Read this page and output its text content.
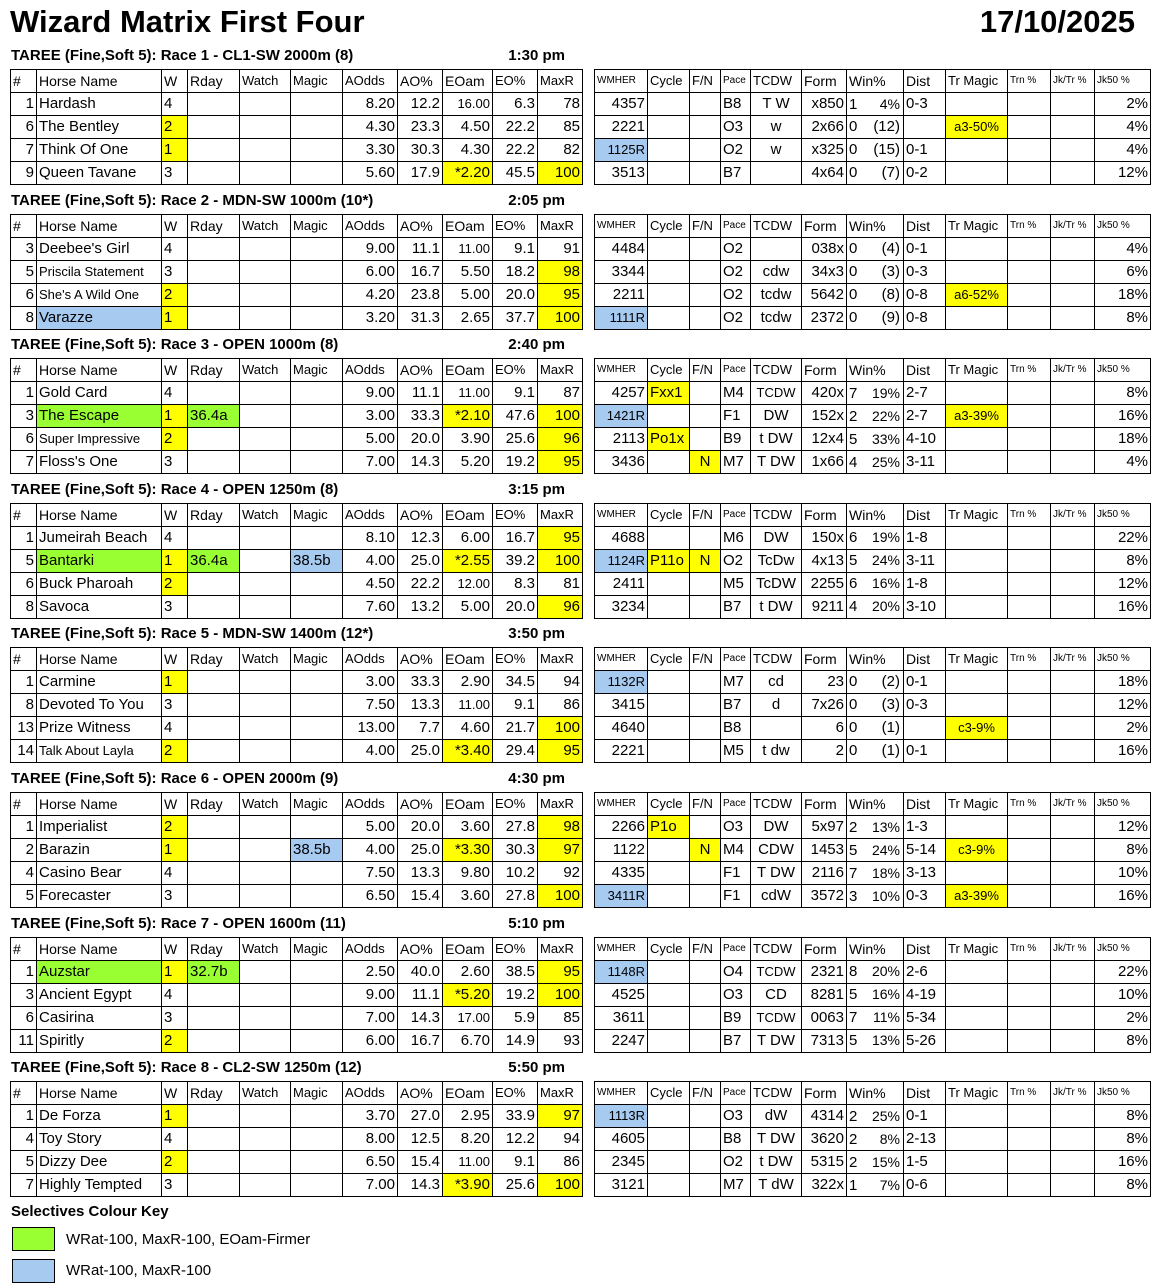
Wizard Matrix First Four	17/10/2025
TAREE (Fine,Soft 5): Race 1 - CL1-SW 2000m (8)	1:30 pm
#	Horse Name	W	Rday	Watch	Magic	AOdds	AO%	EOam	EO%	MaxR
1	Hardash	4				8.20	12.2	16.00	6.3	78
6	The Bentley	2				4.30	23.3	4.50	22.2	85
7	Think Of One	1				3.30	30.3	4.30	22.2	82
9	Queen Tavane	3				5.60	17.9	*2.20	45.5	100
WMHER	Cycle	F/N	Pace	TCDW	Form	Win%	Dist	Tr Magic	Trn %	Jk/Tr %	Jk50 %
4357			B8	T W	x850	1 4%	0-3				2%
2221			O3	w	2x66	0 (12)		a3-50%			4%
1125R			O2	w	x325	0 (15)	0-1				4%
3513			B7		4x64	0 (7)	0-2				12%
TAREE (Fine,Soft 5): Race 2 - MDN-SW 1000m (10*)	2:05 pm
#	Horse Name	W	Rday	Watch	Magic	AOdds	AO%	EOam	EO%	MaxR
3	Deebee's Girl	4				9.00	11.1	11.00	9.1	91
5	Priscila Statement	3				6.00	16.7	5.50	18.2	98
6	She's A Wild One	2				4.20	23.8	5.00	20.0	95
8	Varazze	1				3.20	31.3	2.65	37.7	100
WMHER	Cycle	F/N	Pace	TCDW	Form	Win%	Dist	Tr Magic	Trn %	Jk/Tr %	Jk50 %
4484			O2		038x	0 (4)	0-1				4%
3344			O2	cdw	34x3	0 (3)	0-3				6%
2211			O2	tcdw	5642	0 (8)	0-8	a6-52%			18%
1111R			O2	tcdw	2372	0 (9)	0-8				8%
TAREE (Fine,Soft 5): Race 3 - OPEN 1000m (8)	2:40 pm
#	Horse Name	W	Rday	Watch	Magic	AOdds	AO%	EOam	EO%	MaxR
1	Gold Card	4				9.00	11.1	11.00	9.1	87
3	The Escape	1	36.4a			3.00	33.3	*2.10	47.6	100
6	Super Impressive	2				5.00	20.0	3.90	25.6	96
7	Floss's One	3				7.00	14.3	5.20	19.2	95
WMHER	Cycle	F/N	Pace	TCDW	Form	Win%	Dist	Tr Magic	Trn %	Jk/Tr %	Jk50 %
4257	Fxx1		M4	TCDW	420x	7 19%	2-7				8%
1421R			F1	DW	152x	2 22%	2-7	a3-39%			16%
2113	Po1x		B9	t DW	12x4	5 33%	4-10				18%
3436		N	M7	T DW	1x66	4 25%	3-11				4%
TAREE (Fine,Soft 5): Race 4 - OPEN 1250m (8)	3:15 pm
#	Horse Name	W	Rday	Watch	Magic	AOdds	AO%	EOam	EO%	MaxR
1	Jumeirah Beach	4				8.10	12.3	6.00	16.7	95
5	Bantarki	1	36.4a		38.5b	4.00	25.0	*2.55	39.2	100
6	Buck Pharoah	2				4.50	22.2	12.00	8.3	81
8	Savoca	3				7.60	13.2	5.00	20.0	96
WMHER	Cycle	F/N	Pace	TCDW	Form	Win%	Dist	Tr Magic	Trn %	Jk/Tr %	Jk50 %
4688			M6	DW	150x	6 19%	1-8				22%
1124R	P11o	N	O2	TcDw	4x13	5 24%	3-11				8%
2411			M5	TcDW	2255	6 16%	1-8				12%
3234			B7	t DW	9211	4 20%	3-10				16%
TAREE (Fine,Soft 5): Race 5 - MDN-SW 1400m (12*)	3:50 pm
#	Horse Name	W	Rday	Watch	Magic	AOdds	AO%	EOam	EO%	MaxR
1	Carmine	1				3.00	33.3	2.90	34.5	94
8	Devoted To You	3				7.50	13.3	11.00	9.1	86
13	Prize Witness	4				13.00	7.7	4.60	21.7	100
14	Talk About Layla	2				4.00	25.0	*3.40	29.4	95
WMHER	Cycle	F/N	Pace	TCDW	Form	Win%	Dist	Tr Magic	Trn %	Jk/Tr %	Jk50 %
1132R			M7	cd	23	0 (2)	0-1				18%
3415			B7	d	7x26	0 (3)	0-3				12%
4640			B8		6	0 (1)		c3-9%			2%
2221			M5	t dw	2	0 (1)	0-1				16%
TAREE (Fine,Soft 5): Race 6 - OPEN 2000m (9)	4:30 pm
#	Horse Name	W	Rday	Watch	Magic	AOdds	AO%	EOam	EO%	MaxR
1	Imperialist	2				5.00	20.0	3.60	27.8	98
2	Barazin	1			38.5b	4.00	25.0	*3.30	30.3	97
4	Casino Bear	4				7.50	13.3	9.80	10.2	92
5	Forecaster	3				6.50	15.4	3.60	27.8	100
WMHER	Cycle	F/N	Pace	TCDW	Form	Win%	Dist	Tr Magic	Trn %	Jk/Tr %	Jk50 %
2266	P1o		O3	DW	5x97	2 13%	1-3				12%
1122		N	M4	CDW	1453	5 24%	5-14	c3-9%			8%
4335			F1	T DW	2116	7 18%	3-13				10%
3411R			F1	cdW	3572	3 10%	0-3	a3-39%			16%
TAREE (Fine,Soft 5): Race 7 - OPEN 1600m (11)	5:10 pm
#	Horse Name	W	Rday	Watch	Magic	AOdds	AO%	EOam	EO%	MaxR
1	Auzstar	1	32.7b			2.50	40.0	2.60	38.5	95
3	Ancient Egypt	4				9.00	11.1	*5.20	19.2	100
6	Casirina	3				7.00	14.3	17.00	5.9	85
11	Spiritly	2				6.00	16.7	6.70	14.9	93
WMHER	Cycle	F/N	Pace	TCDW	Form	Win%	Dist	Tr Magic	Trn %	Jk/Tr %	Jk50 %
1148R			O4	TCDW	2321	8 20%	2-6				22%
4525			O3	CD	8281	5 16%	4-19				10%
3611			B9	TCDW	0063	7 11%	5-34				2%
2247			B7	T DW	7313	5 13%	5-26				8%
TAREE (Fine,Soft 5): Race 8 - CL2-SW 1250m (12)	5:50 pm
#	Horse Name	W	Rday	Watch	Magic	AOdds	AO%	EOam	EO%	MaxR
1	De Forza	1				3.70	27.0	2.95	33.9	97
4	Toy Story	4				8.00	12.5	8.20	12.2	94
5	Dizzy Dee	2				6.50	15.4	11.00	9.1	86
7	Highly Tempted	3				7.00	14.3	*3.90	25.6	100
WMHER	Cycle	F/N	Pace	TCDW	Form	Win%	Dist	Tr Magic	Trn %	Jk/Tr %	Jk50 %
1113R			O3	dW	4314	2 25%	0-1				8%
4605			B8	T DW	3620	2 8%	2-13				8%
2345			O2	t DW	5315	2 15%	1-5				16%
3121			M7	T dW	322x	1 7%	0-6				8%
Selectives Colour Key
WRat-100, MaxR-100, EOam-Firmer
WRat-100, MaxR-100
